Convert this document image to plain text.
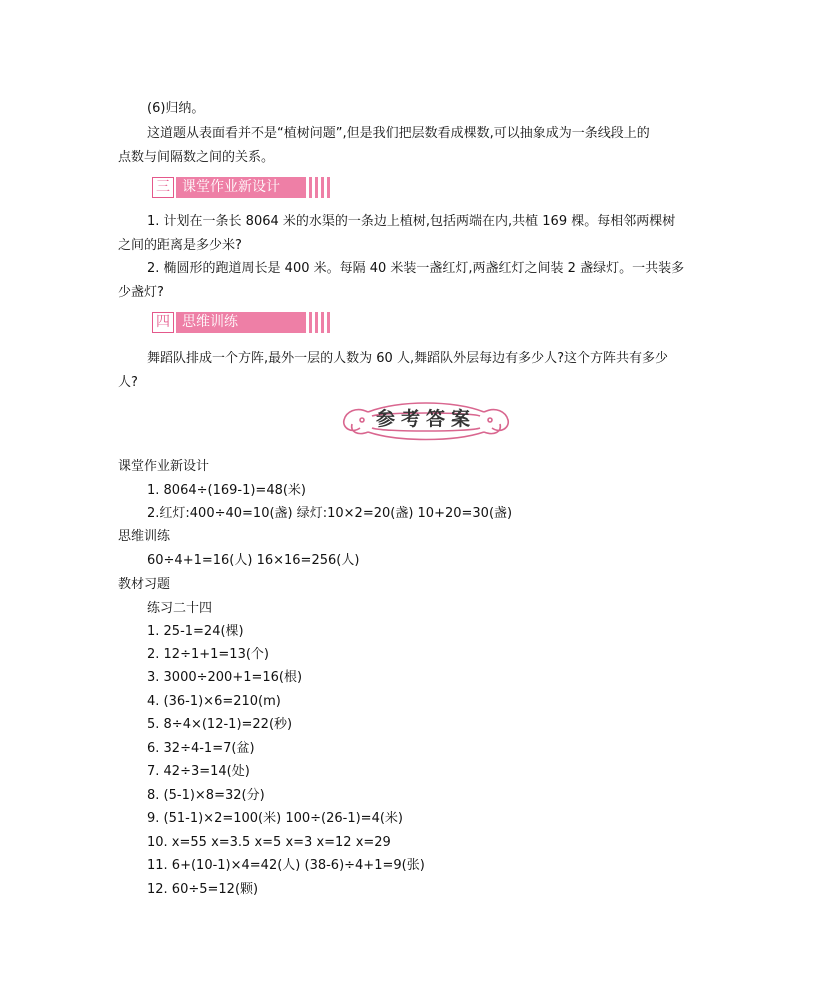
(6)归纳。
这道题从表面看并不是“植树问题”,但是我们把层数看成棵数,可以抽象成为一条线段上的
点数与间隔数之间的关系。
三 课堂作业新设计
1. 计划在一条长 8064 米的水渠的一条边上植树,包括两端在内,共植 169 棵。每相邻两棵树
之间的距离是多少米?
2. 椭圆形的跑道周长是 400 米。每隔 40 米装一盏红灯,两盏红灯之间装 2 盏绿灯。一共装多
少盏灯?
四 思维训练
舞蹈队排成一个方阵,最外一层的人数为 60 人,舞蹈队外层每边有多少人?这个方阵共有多少
人?
参考答案
课堂作业新设计
1. 8064÷(169-1)=48(米)
2.红灯:400÷40=10(盏) 绿灯:10×2=20(盏) 10+20=30(盏)
思维训练
60÷4+1=16(人) 16×16=256(人)
教材习题
练习二十四
1. 25-1=24(棵)
2. 12÷1+1=13(个)
3. 3000÷200+1=16(根)
4. (36-1)×6=210(m)
5. 8÷4×(12-1)=22(秒)
6. 32÷4-1=7(盆)
7. 42÷3=14(处)
8. (5-1)×8=32(分)
9. (51-1)×2=100(米) 100÷(26-1)=4(米)
10. x=55 x=3.5 x=5 x=3 x=12 x=29
11. 6+(10-1)×4=42(人) (38-6)÷4+1=9(张)
12. 60÷5=12(颗)
